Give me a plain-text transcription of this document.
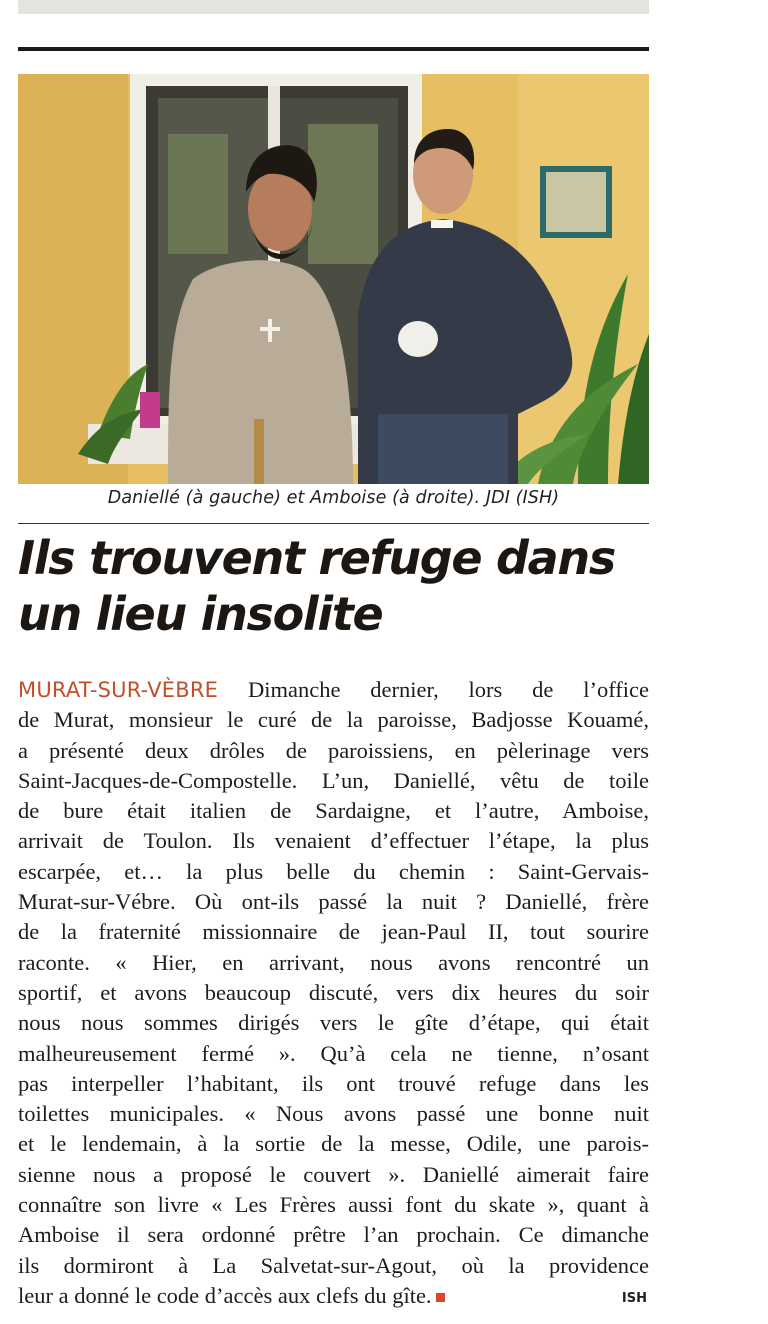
Daniellé (à gauche) et Amboise (à droite). JDI (ISH)
Ils trouvent refuge dans
un lieu insolite
MURAT-SUR-VÈBRE Dimanche dernier, lors de l’office
de Murat, monsieur le curé de la paroisse, Badjosse Kouamé,
a présenté deux drôles de paroissiens, en pèlerinage vers
Saint-Jacques-de-Compostelle. L’un, Daniellé, vêtu de toile
de bure était italien de Sardaigne, et l’autre, Amboise,
arrivait de Toulon. Ils venaient d’effectuer l’étape, la plus
escarpée, et… la plus belle du chemin : Saint-Gervais-
Murat-sur-Vébre. Où ont-ils passé la nuit ? Daniellé, frère
de la fraternité missionnaire de jean-Paul II, tout sourire
raconte. « Hier, en arrivant, nous avons rencontré un
sportif, et avons beaucoup discuté, vers dix heures du soir
nous nous sommes dirigés vers le gîte d’étape, qui était
malheureusement fermé ». Qu’à cela ne tienne, n’osant
pas interpeller l’habitant, ils ont trouvé refuge dans les
toilettes municipales. « Nous avons passé une bonne nuit
et le lendemain, à la sortie de la messe, Odile, une parois-
sienne nous a proposé le couvert ». Daniellé aimerait faire
connaître son livre « Les Frères aussi font du skate », quant à
Amboise il sera ordonné prêtre l’an prochain. Ce dimanche
ils dormiront à La Salvetat-sur-Agout, où la providence
leur a donné le code d’accès aux clefs du gîte.	ISH
